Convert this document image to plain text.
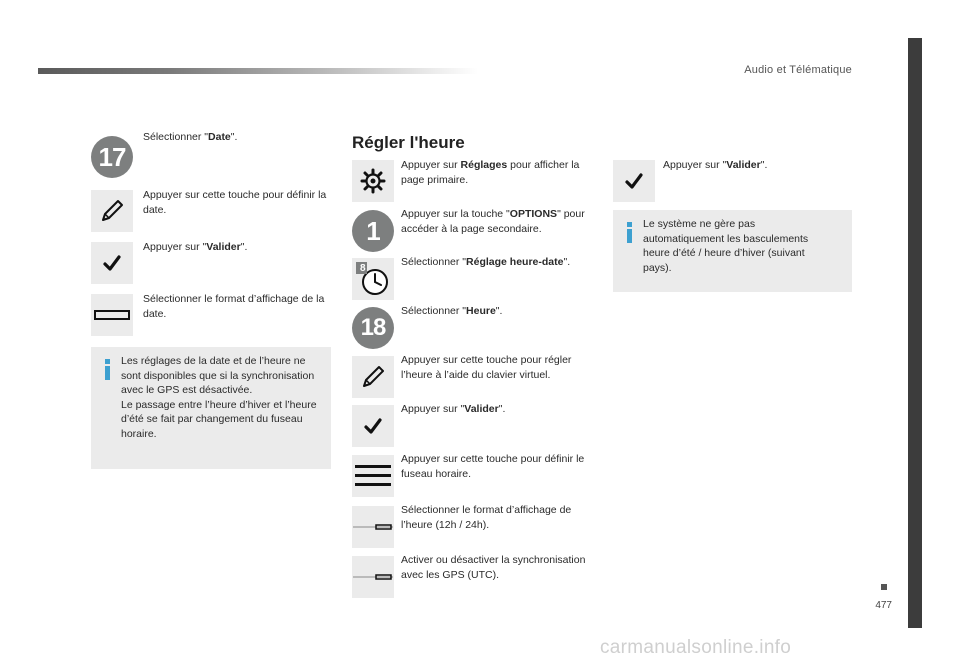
Audio et Télématique
477
17
Sélectionner "Date".
Appuyer sur cette touche pour définir la date.
Appuyer sur "Valider".
Sélectionner le format d’affichage de la date.
Les réglages de la date et de l’heure ne sont disponibles que si la synchronisation avec le GPS est désactivée.
Le passage entre l’heure d’hiver et l’heure d’été se fait par changement du fuseau horaire.
Régler l'heure
Appuyer sur Réglages pour afficher la page primaire.
1
Appuyer sur la touche "OPTIONS" pour accéder à la page secondaire.
8
Sélectionner "Réglage heure-date".
18
Sélectionner "Heure".
Appuyer sur cette touche pour régler l’heure à l’aide du clavier virtuel.
Appuyer sur "Valider".
Appuyer sur cette touche pour définir le fuseau horaire.
Sélectionner le format d’affichage de l’heure (12h / 24h).
Activer ou désactiver la synchronisation avec les GPS (UTC).
Appuyer sur "Valider".
Le système ne gère pas automatiquement les basculements heure d’été / heure d’hiver (suivant pays).
carmanualsonline.info
